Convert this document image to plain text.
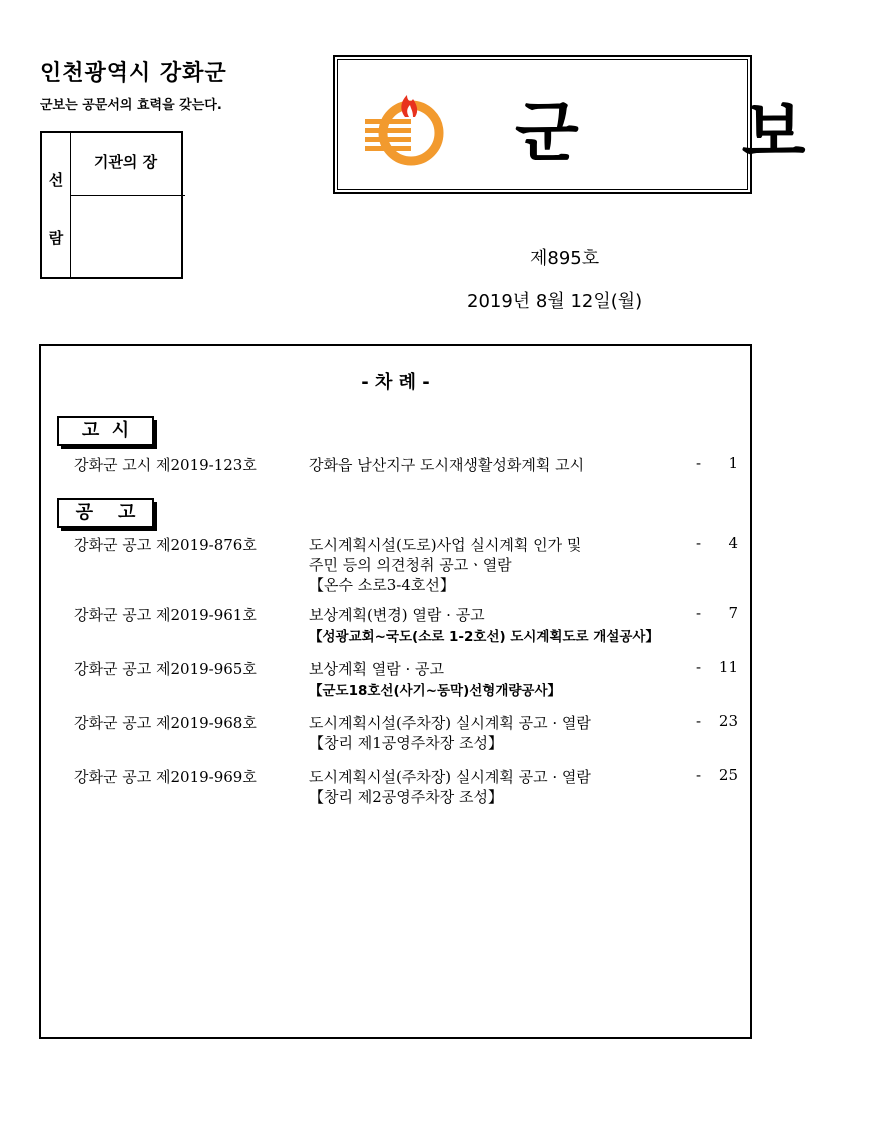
인천광역시 강화군
군보는 공문서의 효력을 갖는다.
선
람
기관의 장	군 보
제895호
2019년 8월 12일(월)
- 차 례 -
고  시
강화군 고시 제2019-123호	강화읍 남산지구 도시재생활성화계획 고시	- 1
공    고
강화군 공고 제2019-876호	도시계획시설(도로)사업 실시계획 인가 및
주민 등의 의견청취 공고ㆍ열람
【온수 소로3-4호선】
- 4
강화군 공고 제2019-961호	보상계획(변경) 열람 · 공고
【성광교회~국도(소로 1-2호선) 도시계획도로 개설공사】
- 7
강화군 공고 제2019-965호	보상계획 열람 · 공고
【군도18호선(사기~동막)선형개량공사】
- 11
강화군 공고 제2019-968호	도시계획시설(주차장) 실시계획 공고 · 열람
【창리 제1공영주차장 조성】
- 23
강화군 공고 제2019-969호	도시계획시설(주차장) 실시계획 공고 · 열람
【창리 제2공영주차장 조성】
- 25
